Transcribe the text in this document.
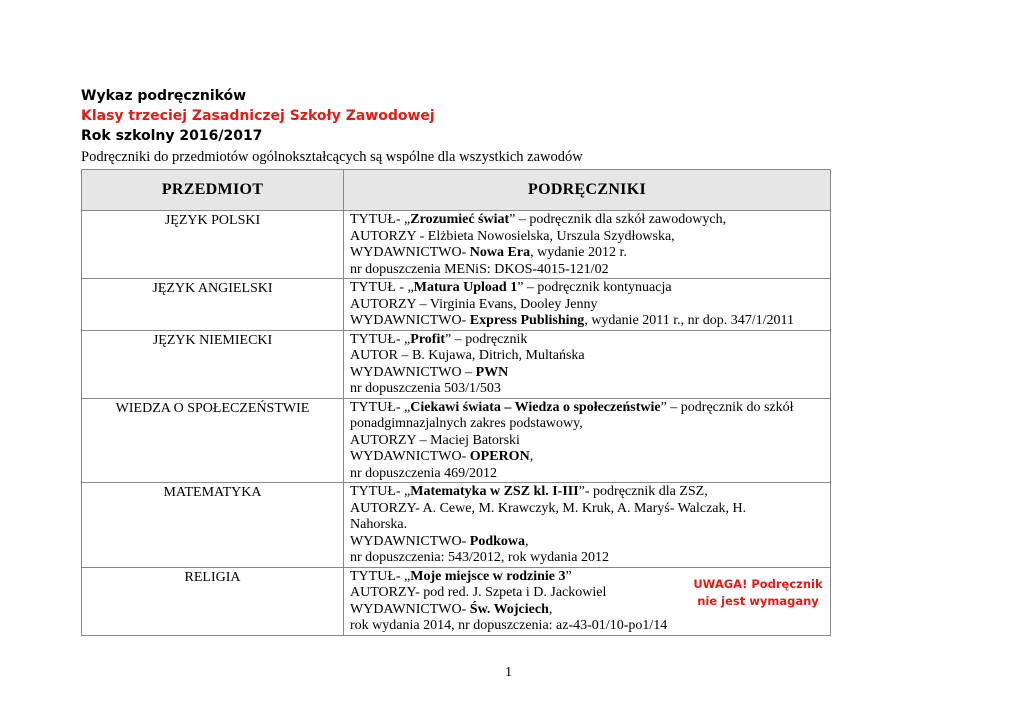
Wykaz podręczników
Klasy trzeciej Zasadniczej Szkoły Zawodowej
Rok szkolny 2016/2017
Podręczniki do przedmiotów ogólnokształcących są wspólne dla wszystkich zawodów
PRZEDMIOT	PODRĘCZNIKI
JĘZYK POLSKI	TYTUŁ- „Zrozumieć świat” – podręcznik dla szkół zawodowych,
AUTORZY - Elżbieta Nowosielska, Urszula Szydłowska,
WYDAWNICTWO- Nowa Era, wydanie 2012 r.
nr dopuszczenia MENiS: DKOS-4015-121/02

JĘZYK ANGIELSKI	TYTUŁ - „Matura Upload 1” – podręcznik kontynuacja
AUTORZY – Virginia Evans, Dooley Jenny
WYDAWNICTWO- Express Publishing, wydanie 2011 r., nr dop. 347/1/2011

JĘZYK NIEMIECKI	TYTUŁ- „Profit” – podręcznik
AUTOR – B. Kujawa, Ditrich, Multańska
WYDAWNICTWO – PWN
nr dopuszczenia 503/1/503

WIEDZA O SPOŁECZEŃSTWIE	TYTUŁ- „Ciekawi świata – Wiedza o społeczeństwie” – podręcznik do szkół
ponadgimnazjalnych zakres podstawowy,
AUTORZY – Maciej Batorski
WYDAWNICTWO- OPERON,
nr dopuszczenia 469/2012

MATEMATYKA	TYTUŁ- „Matematyka w ZSZ kl. I-III”- podręcznik dla ZSZ,
AUTORZY- A. Cewe, M. Krawczyk, M. Kruk, A. Maryś- Walczak, H.
Nahorska.
WYDAWNICTWO- Podkowa,
nr dopuszczenia: 543/2012, rok wydania 2012

RELIGIA	TYTUŁ- „Moje miejsce w rodzinie 3”
AUTORZY- pod red. J. Szpeta i D. Jackowiel
WYDAWNICTWO- Św. Wojciech,
rok wydania 2014, nr dopuszczenia: az-43-01/10-po1/14
UWAGA! Podręcznik
nie jest wymagany
1
